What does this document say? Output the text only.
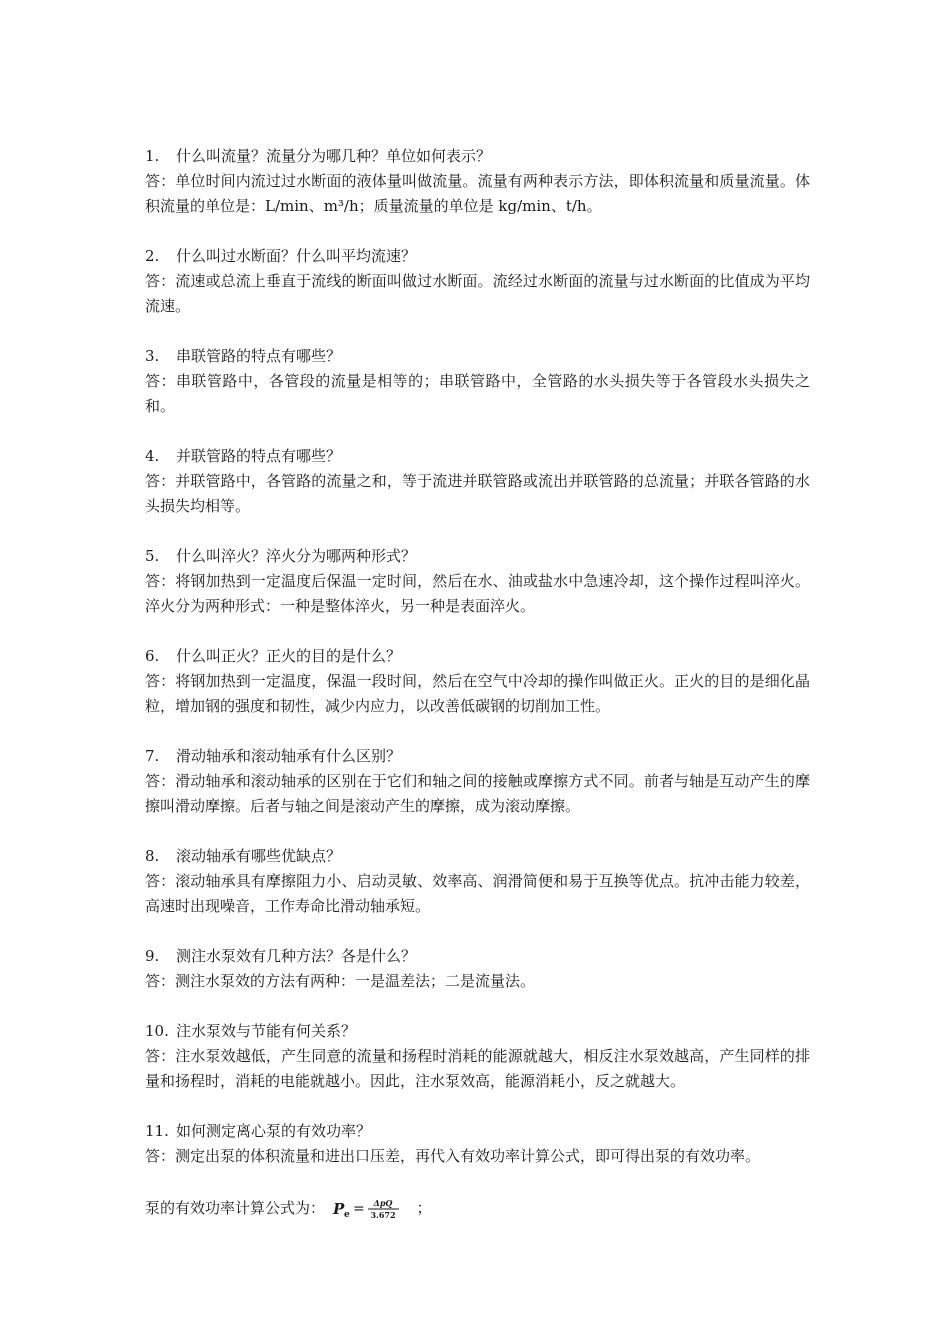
1. 什么叫流量？流量分为哪几种？单位如何表示？
答：单位时间内流过过水断面的液体量叫做流量。流量有两种表示方法，即体积流量和质量流量。体积流量的单位是：L/min、m³/h；质量流量的单位是 kg/min、t/h。
2. 什么叫过水断面？什么叫平均流速？
答：流速或总流上垂直于流线的断面叫做过水断面。流经过水断面的流量与过水断面的比值成为平均流速。
3. 串联管路的特点有哪些？
答：串联管路中，各管段的流量是相等的；串联管路中，全管路的水头损失等于各管段水头损失之和。
4. 并联管路的特点有哪些？
答：并联管路中，各管路的流量之和，等于流进并联管路或流出并联管路的总流量；并联各管路的水头损失均相等。
5. 什么叫淬火？淬火分为哪两种形式？
答：将钢加热到一定温度后保温一定时间，然后在水、油或盐水中急速冷却，这个操作过程叫淬火。淬火分为两种形式：一种是整体淬火，另一种是表面淬火。
6. 什么叫正火？正火的目的是什么？
答：将钢加热到一定温度，保温一段时间，然后在空气中冷却的操作叫做正火。正火的目的是细化晶粒，增加钢的强度和韧性，减少内应力，以改善低碳钢的切削加工性。
7. 滑动轴承和滚动轴承有什么区别？
答：滑动轴承和滚动轴承的区别在于它们和轴之间的接触或摩擦方式不同。前者与轴是互动产生的摩擦叫滑动摩擦。后者与轴之间是滚动产生的摩擦，成为滚动摩擦。
8. 滚动轴承有哪些优缺点？
答：滚动轴承具有摩擦阻力小、启动灵敏、效率高、润滑简便和易于互换等优点。抗冲击能力较差，高速时出现噪音，工作寿命比滑动轴承短。
9. 测注水泵效有几种方法？各是什么？
答：测注水泵效的方法有两种：一是温差法；二是流量法。
10. 注水泵效与节能有何关系？
答：注水泵效越低，产生同意的流量和扬程时消耗的能源就越大，相反注水泵效越高，产生同样的排量和扬程时，消耗的电能就越小。因此，注水泵效高，能源消耗小，反之就越大。
11. 如何测定离心泵的有效功率？
答：测定出泵的体积流量和进出口压差，再代入有效功率计算公式，即可得出泵的有效功率。
泵的有效功率计算公式为： P e = ΔpQ
3.672 ；
